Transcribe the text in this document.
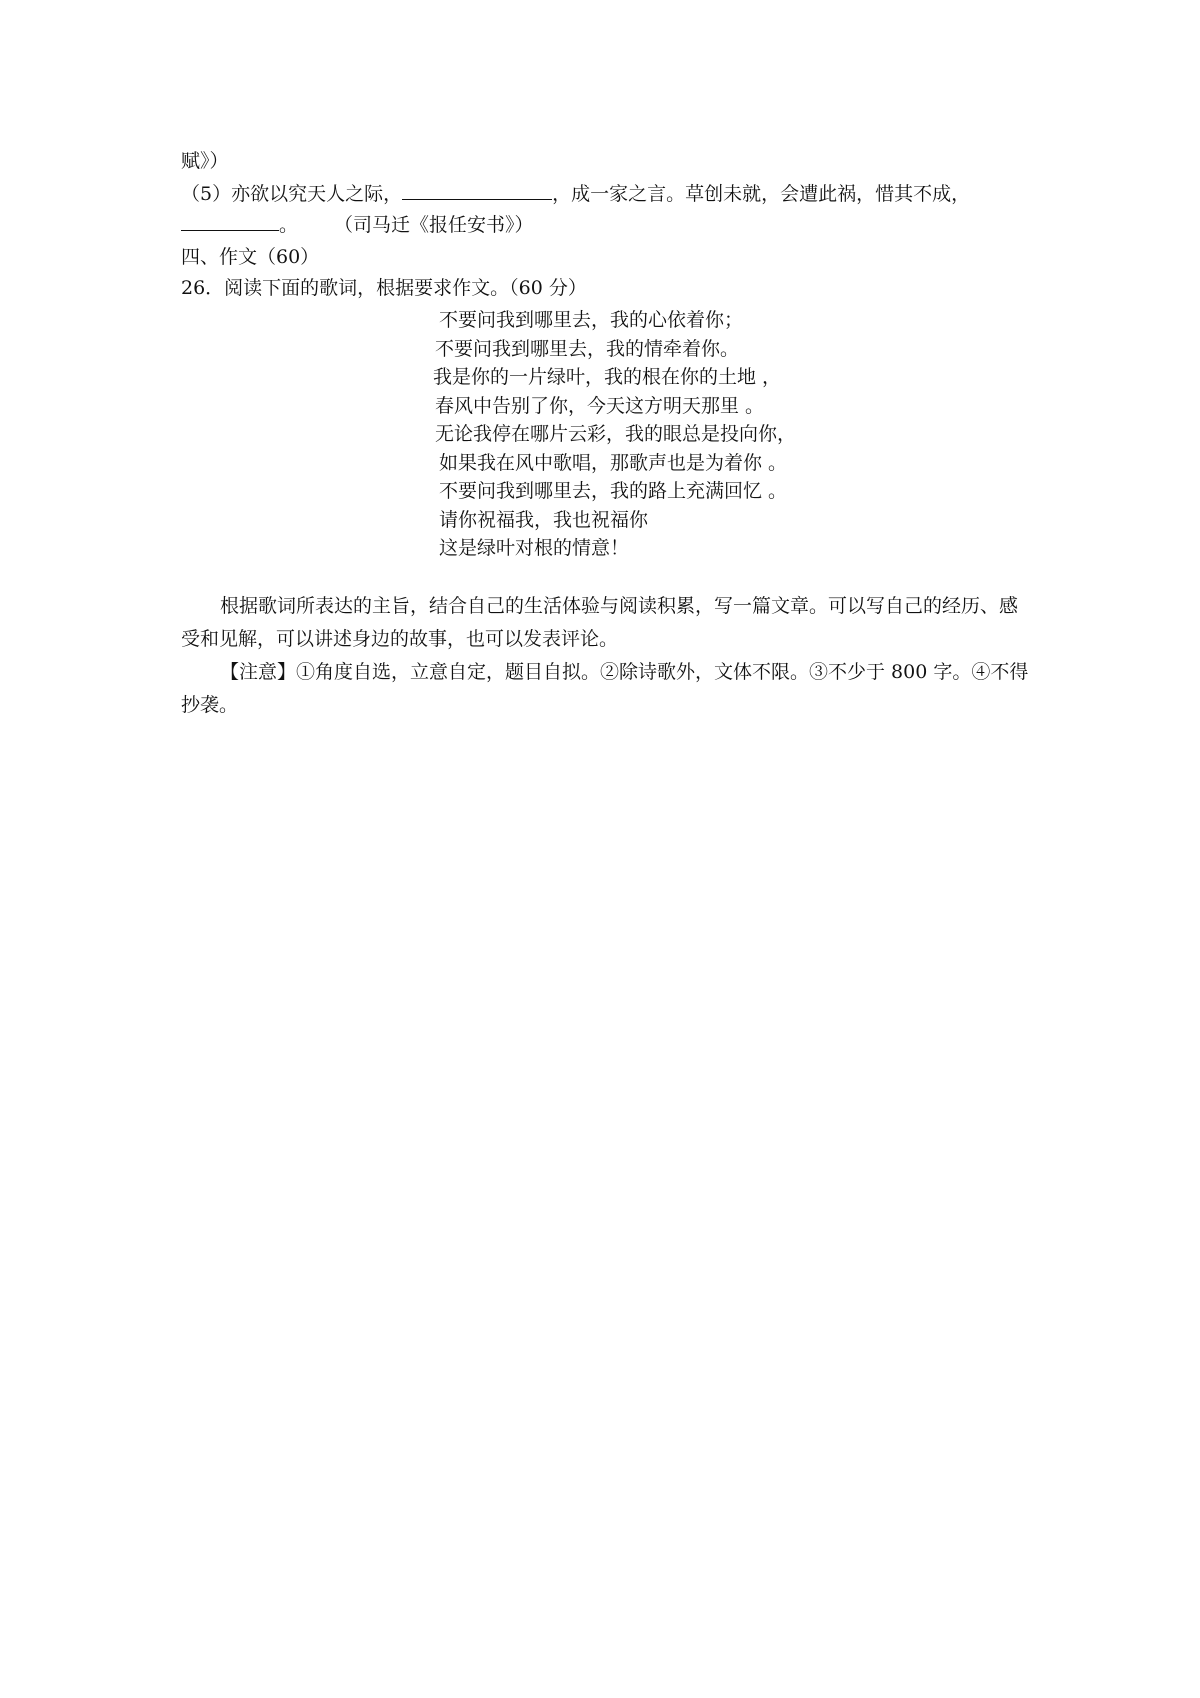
赋》）
（5）亦欲以究天人之际，	，成一家之言。草创未就，会遭此祸，惜其不成，
。 （司马迁《报任安书》）
四、作文（60）
26．阅读下面的歌词，根据要求作文。（60 分）
不要问我到哪里去，我的心依着你；
不要问我到哪里去，我的情牵着你。
我是你的一片绿叶，我的根在你的土地 ，
春风中告别了你，今天这方明天那里 。
无论我停在哪片云彩，我的眼总是投向你，
如果我在风中歌唱，那歌声也是为着你 。
不要问我到哪里去，我的路上充满回忆 。
请你祝福我，我也祝福你
这是绿叶对根的情意！
根据歌词所表达的主旨，结合自己的生活体验与阅读积累，写一篇文章。可以写自己的经历、感受和见解，可以讲述身边的故事，也可以发表评论。
【注意】①角度自选，立意自定，题目自拟。②除诗歌外，文体不限。③不少于 800 字。④不得抄袭。
